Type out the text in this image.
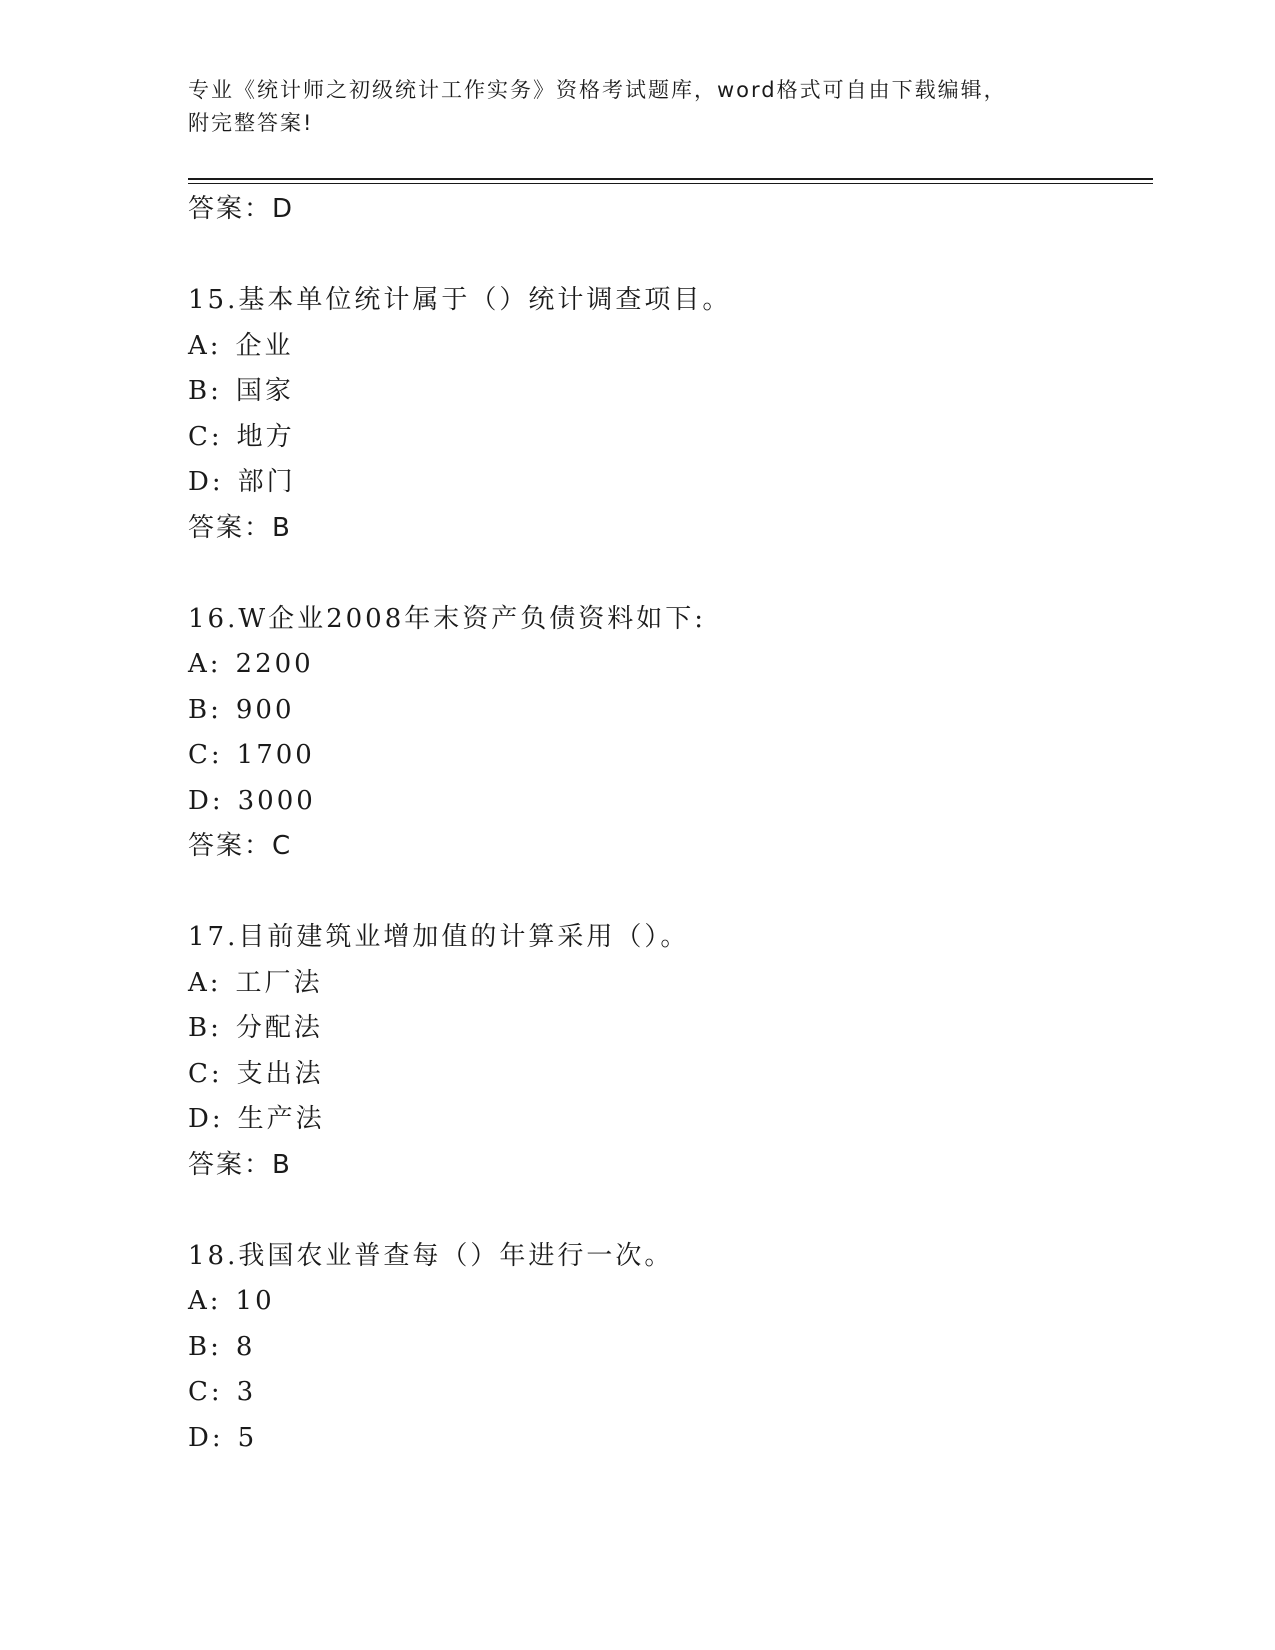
专业《统计师之初级统计工作实务》资格考试题库，word格式可自由下载编辑，
附完整答案!
答案：D
15.基本单位统计属于（）统计调查项目。
A: 企业
B: 国家
C: 地方
D: 部门
答案：B
16.W企业2008年末资产负债资料如下:
A: 2200
B: 900
C: 1700
D: 3000
答案：C
17.目前建筑业增加值的计算采用（）。
A: 工厂法
B: 分配法
C: 支出法
D: 生产法
答案：B
18.我国农业普查每（）年进行一次。
A: 10
B: 8
C: 3
D: 5
